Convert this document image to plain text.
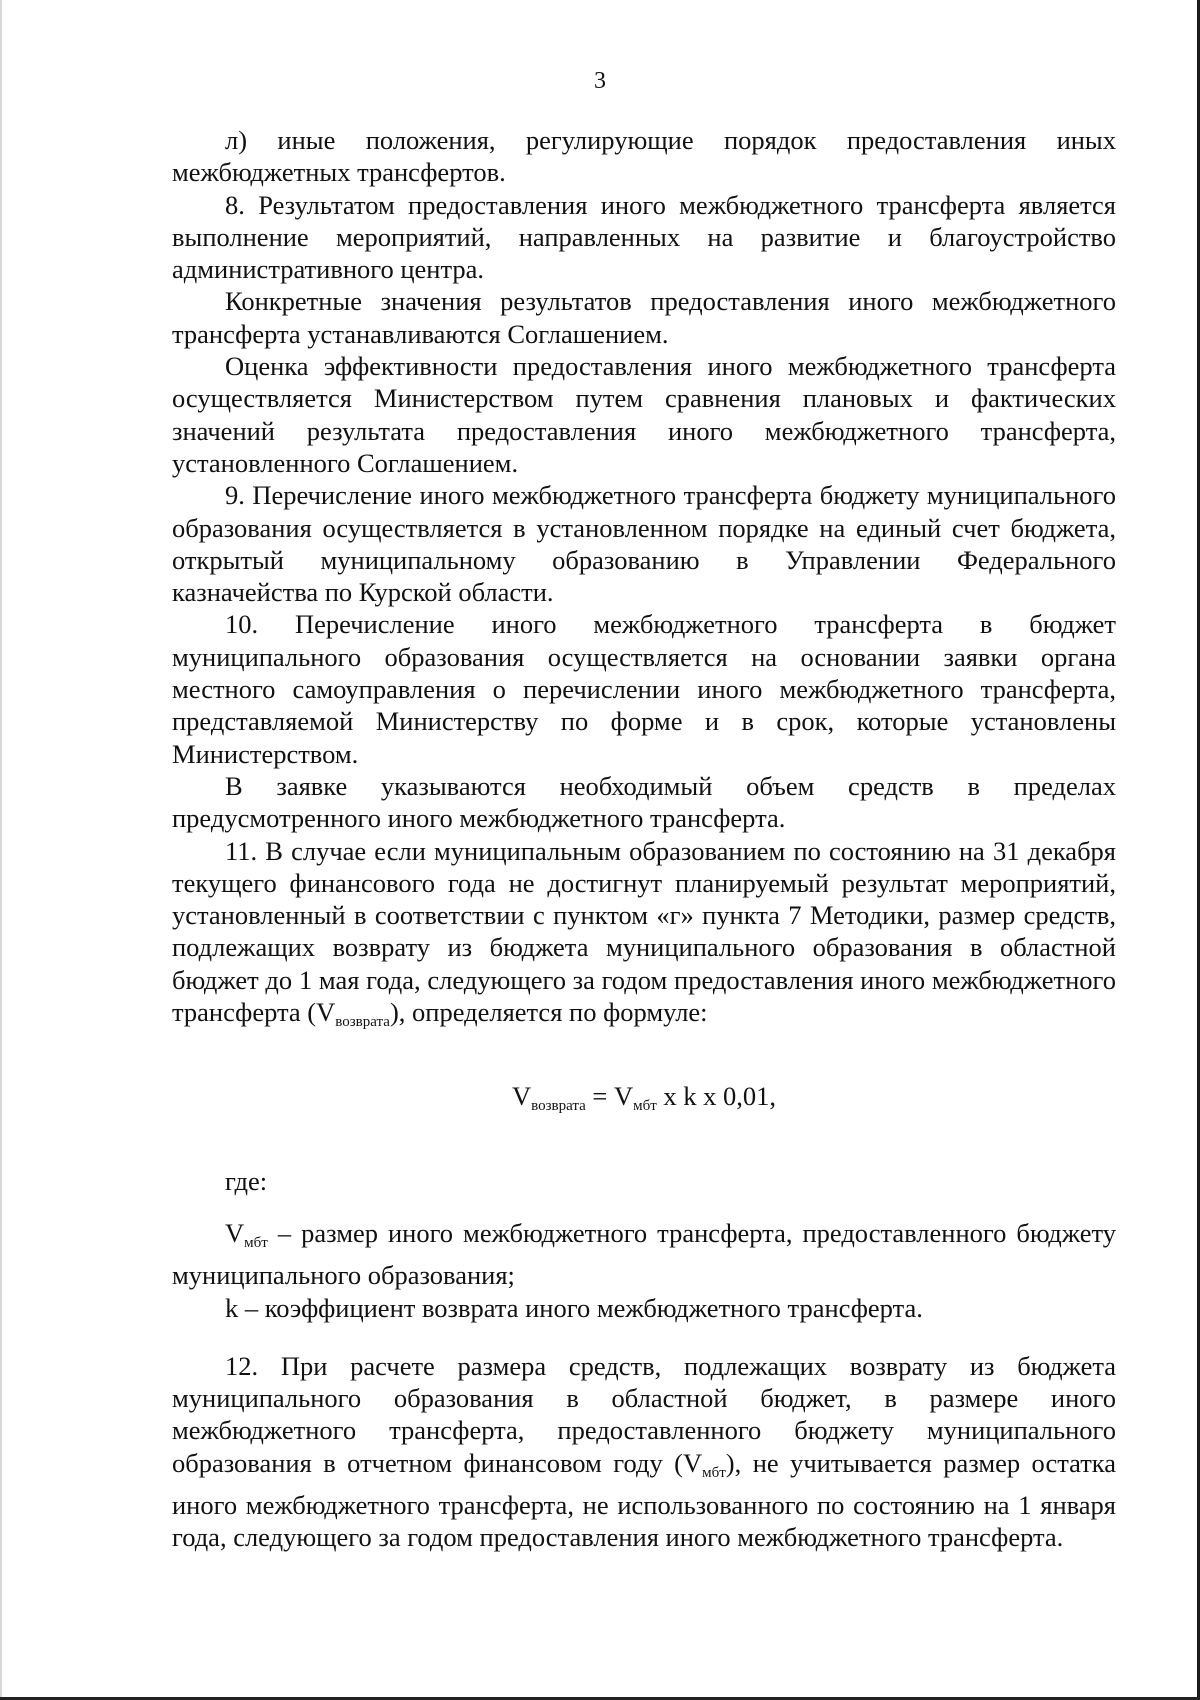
3

л) иные положения, регулирующие порядок предоставления иных межбюджетных трансфертов.

8. Результатом предоставления иного межбюджетного трансферта является выполнение мероприятий, направленных на развитие и благоустройство административного центра.

Конкретные значения результатов предоставления иного межбюджетного трансферта устанавливаются Соглашением.

Оценка эффективности предоставления иного межбюджетного трансферта осуществляется Министерством путем сравнения плановых и фактических значений результата предоставления иного межбюджетного трансферта, установленного Соглашением.

9. Перечисление иного межбюджетного трансферта бюджету муниципального образования осуществляется в установленном порядке на единый счет бюджета, открытый муниципальному образованию в Управлении Федерального казначейства по Курской области.

10. Перечисление иного межбюджетного трансферта в бюджет муниципального образования осуществляется на основании заявки органа местного самоуправления о перечислении иного межбюджетного трансферта, представляемой Министерству по форме и в срок, которые установлены Министерством.

В заявке указываются необходимый объем средств в пределах предусмотренного иного межбюджетного трансферта.

11. В случае если муниципальным образованием по состоянию на 31 декабря текущего финансового года не достигнут планируемый результат мероприятий, установленный в соответствии с пунктом «г» пункта 7 Методики, размер средств, подлежащих возврату из бюджета муниципального образования в областной бюджет до 1 мая года, следующего за годом предоставления иного межбюджетного трансферта $(V_{возврата})$, определяется по формуле:

$V_{возврата} = V_{мбт}$ x k x 0,01,

где:

$V_{мбт}$ – размер иного межбюджетного трансферта, предоставленного бюджету муниципального образования;

k – коэффициент возврата иного межбюджетного трансферта.

12. При расчете размера средств, подлежащих возврату из бюджета муниципального образования в областной бюджет, в размере иного межбюджетного трансферта, предоставленного бюджету муниципального образования в отчетном финансовом году $(V_{мбт})$, не учитывается размер остатка иного межбюджетного трансферта, не использованного по состоянию на 1 января года, следующего за годом предоставления иного межбюджетного трансферта.
